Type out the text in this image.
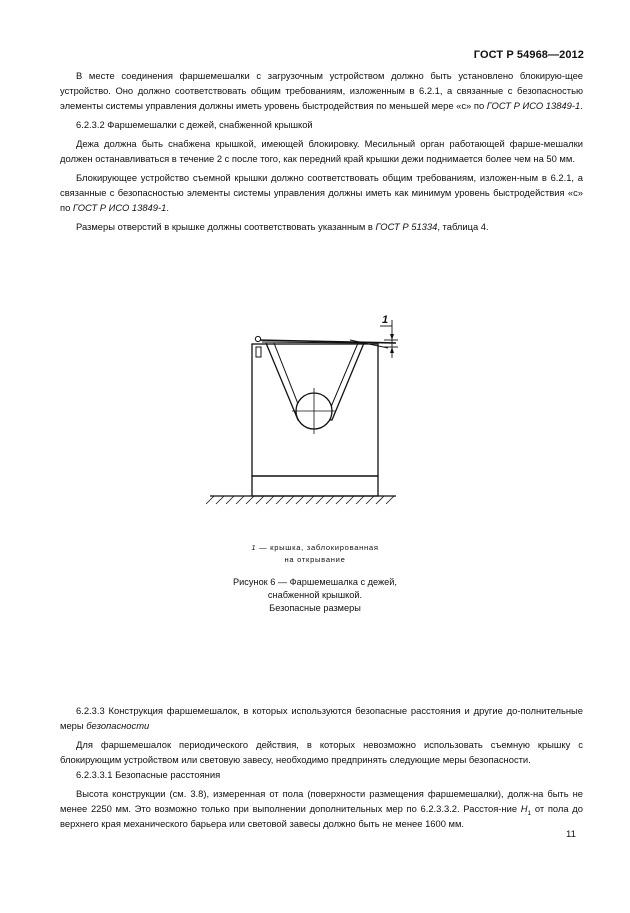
ГОСТ Р 54968—2012

В месте соединения фаршемешалки с загрузочным устройством должно быть установлено блокирую-щее устройство. Оно должно соответствовать общим требованиям, изложенным в 6.2.1, а связанные с безопасностью элементы системы управления должны иметь уровень быстродействия по меньшей мере «с» по ГОСТ Р ИСО 13849-1.

6.2.3.2 Фаршемешалки с дежей, снабженной крышкой

Дежа должна быть снабжена крышкой, имеющей блокировку. Месильный орган работающей фарше-мешалки должен останавливаться в течение 2 с после того, как передний край крышки дежи поднимается более чем на 50 мм.

Блокирующее устройство съемной крышки должно соответствовать общим требованиям, изложен-ным в 6.2.1, а связанные с безопасностью элементы системы управления должны иметь как минимум уровень быстродействия «с» по ГОСТ Р ИСО 13849-1.

Размеры отверстий в крышке должны соответствовать указанным в ГОСТ Р 51334, таблица 4.

1
1 — крышка, заблокированная
на открывание
Рисунок 6 — Фаршемешалка с дежей,
снабженной крышкой.
Безопасные размеры

6.2.3.3 Конструкция фаршемешалок, в которых используются безопасные расстояния и другие до-полнительные меры безопасности

Для фаршемешалок периодического действия, в которых невозможно использовать съемную крышку с блокирующим устройством или световую завесу, необходимо предпринять следующие меры безопасности.

6.2.3.3.1 Безопасные расстояния

Высота конструкции (см. 3.8), измеренная от пола (поверхности размещения фаршемешалки), долж-на быть не менее 2250 мм. Это возможно только при выполнении дополнительных мер по 6.2.3.3.2. Расстоя-ние $H_1$ от пола до верхнего края механического барьера или световой завесы должно быть не менее 1600 мм.

11
